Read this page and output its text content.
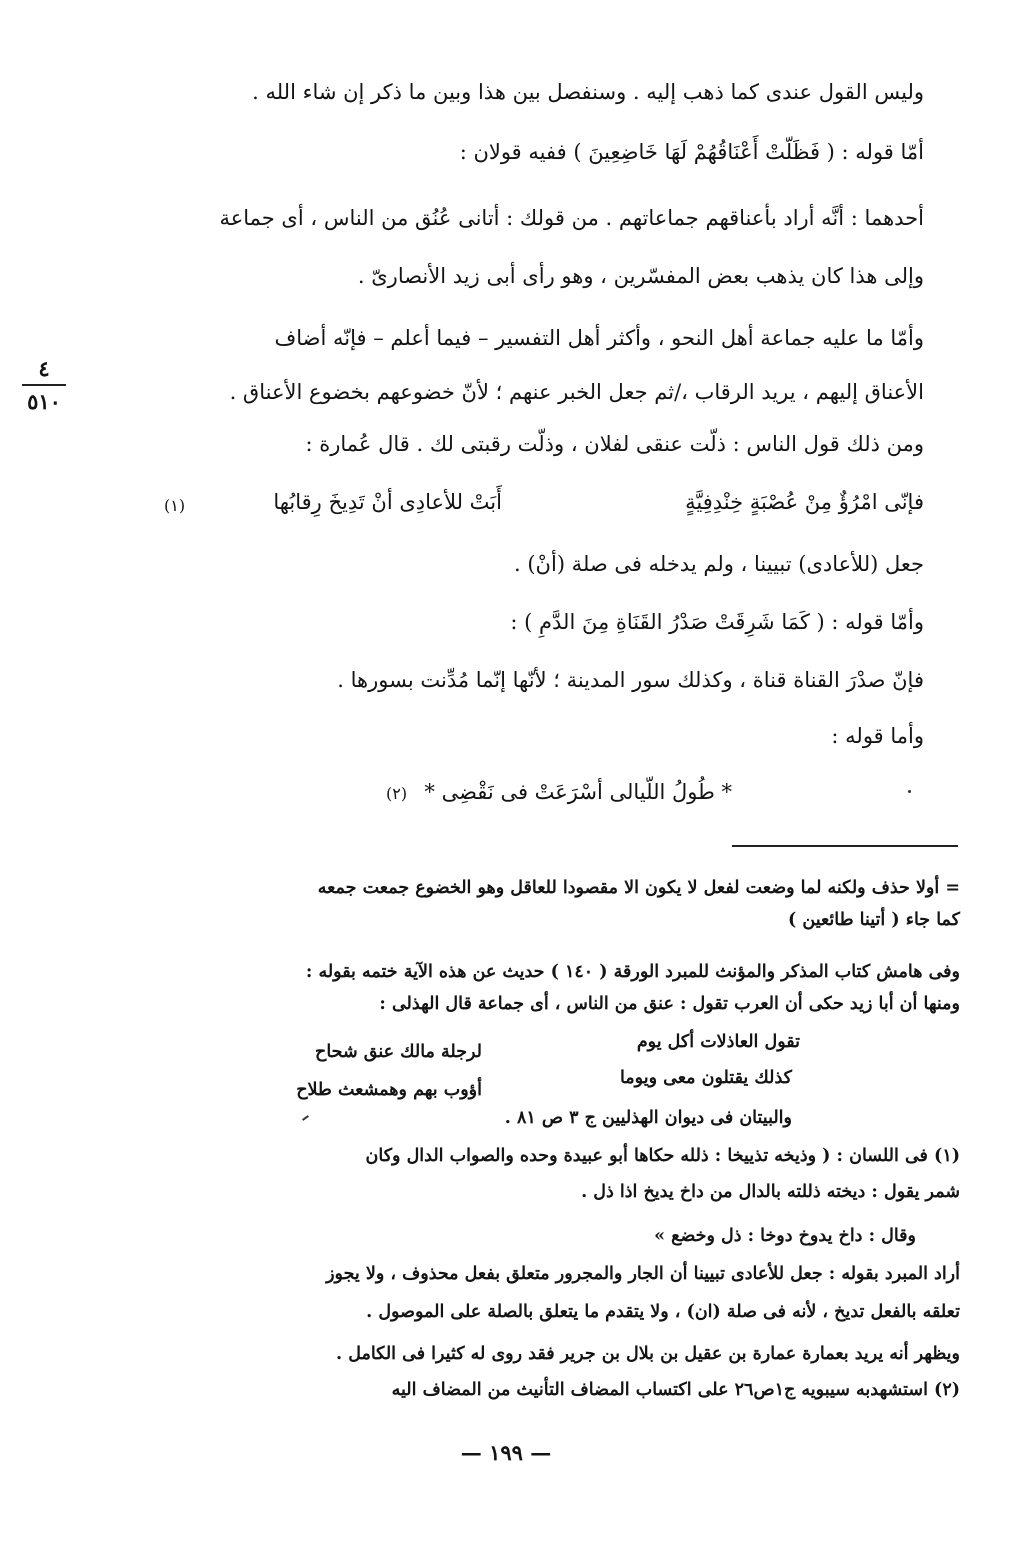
وليس القول عندى كما ذهب إليه . وسنفصل بين هذا وبين ما ذكر إن شاء الله .
أمّا قوله : ( فَظَلّتْ أَعْنَاقُهُمْ لَهَا خَاضِعِينَ ) ففيه قولان :
أحدهما : أنَّه أراد بأعناقهم جماعاتهم . من قولك : أتانى عُنُق من الناس ، أى جماعة
وإلى هذا كان يذهب بعض المفسّرين ، وهو رأى أبى زيد الأنصارىّ .
وأمّا ما عليه جماعة أهل النحو ، وأكثر أهل التفسير – فيما أعلم – فإنّه أضاف
الأعناق إليهم ، يريد الرقاب ،/ثم جعل الخبر عنهم ؛ لأنّ خضوعهم بخضوع الأعناق .
ومن ذلك قول الناس : ذلّت عنقى لفلان ، وذلّت رقبتى لك . قال عُمارة :
٤
٥١٠
فإنّى امْرُؤٌ مِنْ عُصْبَةٍ خِنْدِفِيَّةٍ
أَبَتْ للأعادِى أنْ تَدِيخَ رِقابُها
(١)
جعل (للأعادى) تبيينا ، ولم يدخله فى صلة (أنْ) .
وأمّا قوله : ( كَمَا شَرِقَتْ صَدْرُ القَنَاةِ مِنَ الدَّمِ ) :
فإنّ صدْرَ القناة قناة ، وكذلك سور المدينة ؛ لأنّها إنّما مُدِّنت بسورها .
وأما قوله :
* طُولُ اللّيالى أسْرَعَتْ فى نَقْضِى *
(٢)
= أولا حذف ولكنه لما وضعت لفعل لا يكون الا مقصودا للعاقل وهو الخضوع جمعت جمعه
كما جاء ( أتينا طائعين )
وفى هامش كتاب المذكر والمؤنث للمبرد الورقة ( ١٤٠ ) حديث عن هذه الآية ختمه بقوله :
ومنها أن أبا زيد حكى أن العرب تقول : عنق من الناس ، أى جماعة قال الهذلى :
تقول العاذلات أكل يوم
لرجلة مالك عنق شحاح
كذلك يقتلون معى ويوما
أؤوب بهم وهمشعث طلاح
والبيتان فى ديوان الهذليين ج ٣ ص ٨١ .
(١) فى اللسان : ( وذيخه تذييخا : ذلله حكاها أبو عبيدة وحده والصواب الدال وكان
شمر يقول : ديخته ذللته بالدال من داخ يديخ اذا ذل .
وقال : داخ يدوخ دوخا : ذل وخضع »
أراد المبرد بقوله : جعل للأعادى تبيينا أن الجار والمجرور متعلق بفعل محذوف ، ولا يجوز
تعلقه بالفعل تديخ ، لأنه فى صلة (ان) ، ولا يتقدم ما يتعلق بالصلة على الموصول .
ويظهر أنه يريد بعمارة عمارة بن عقيل بن بلال بن جرير فقد روى له كثيرا فى الكامل .
(٢) استشهدبه سيبويه ج١ص٢٦ على اكتساب المضاف التأنيث من المضاف اليه
— ١٩٩ —
